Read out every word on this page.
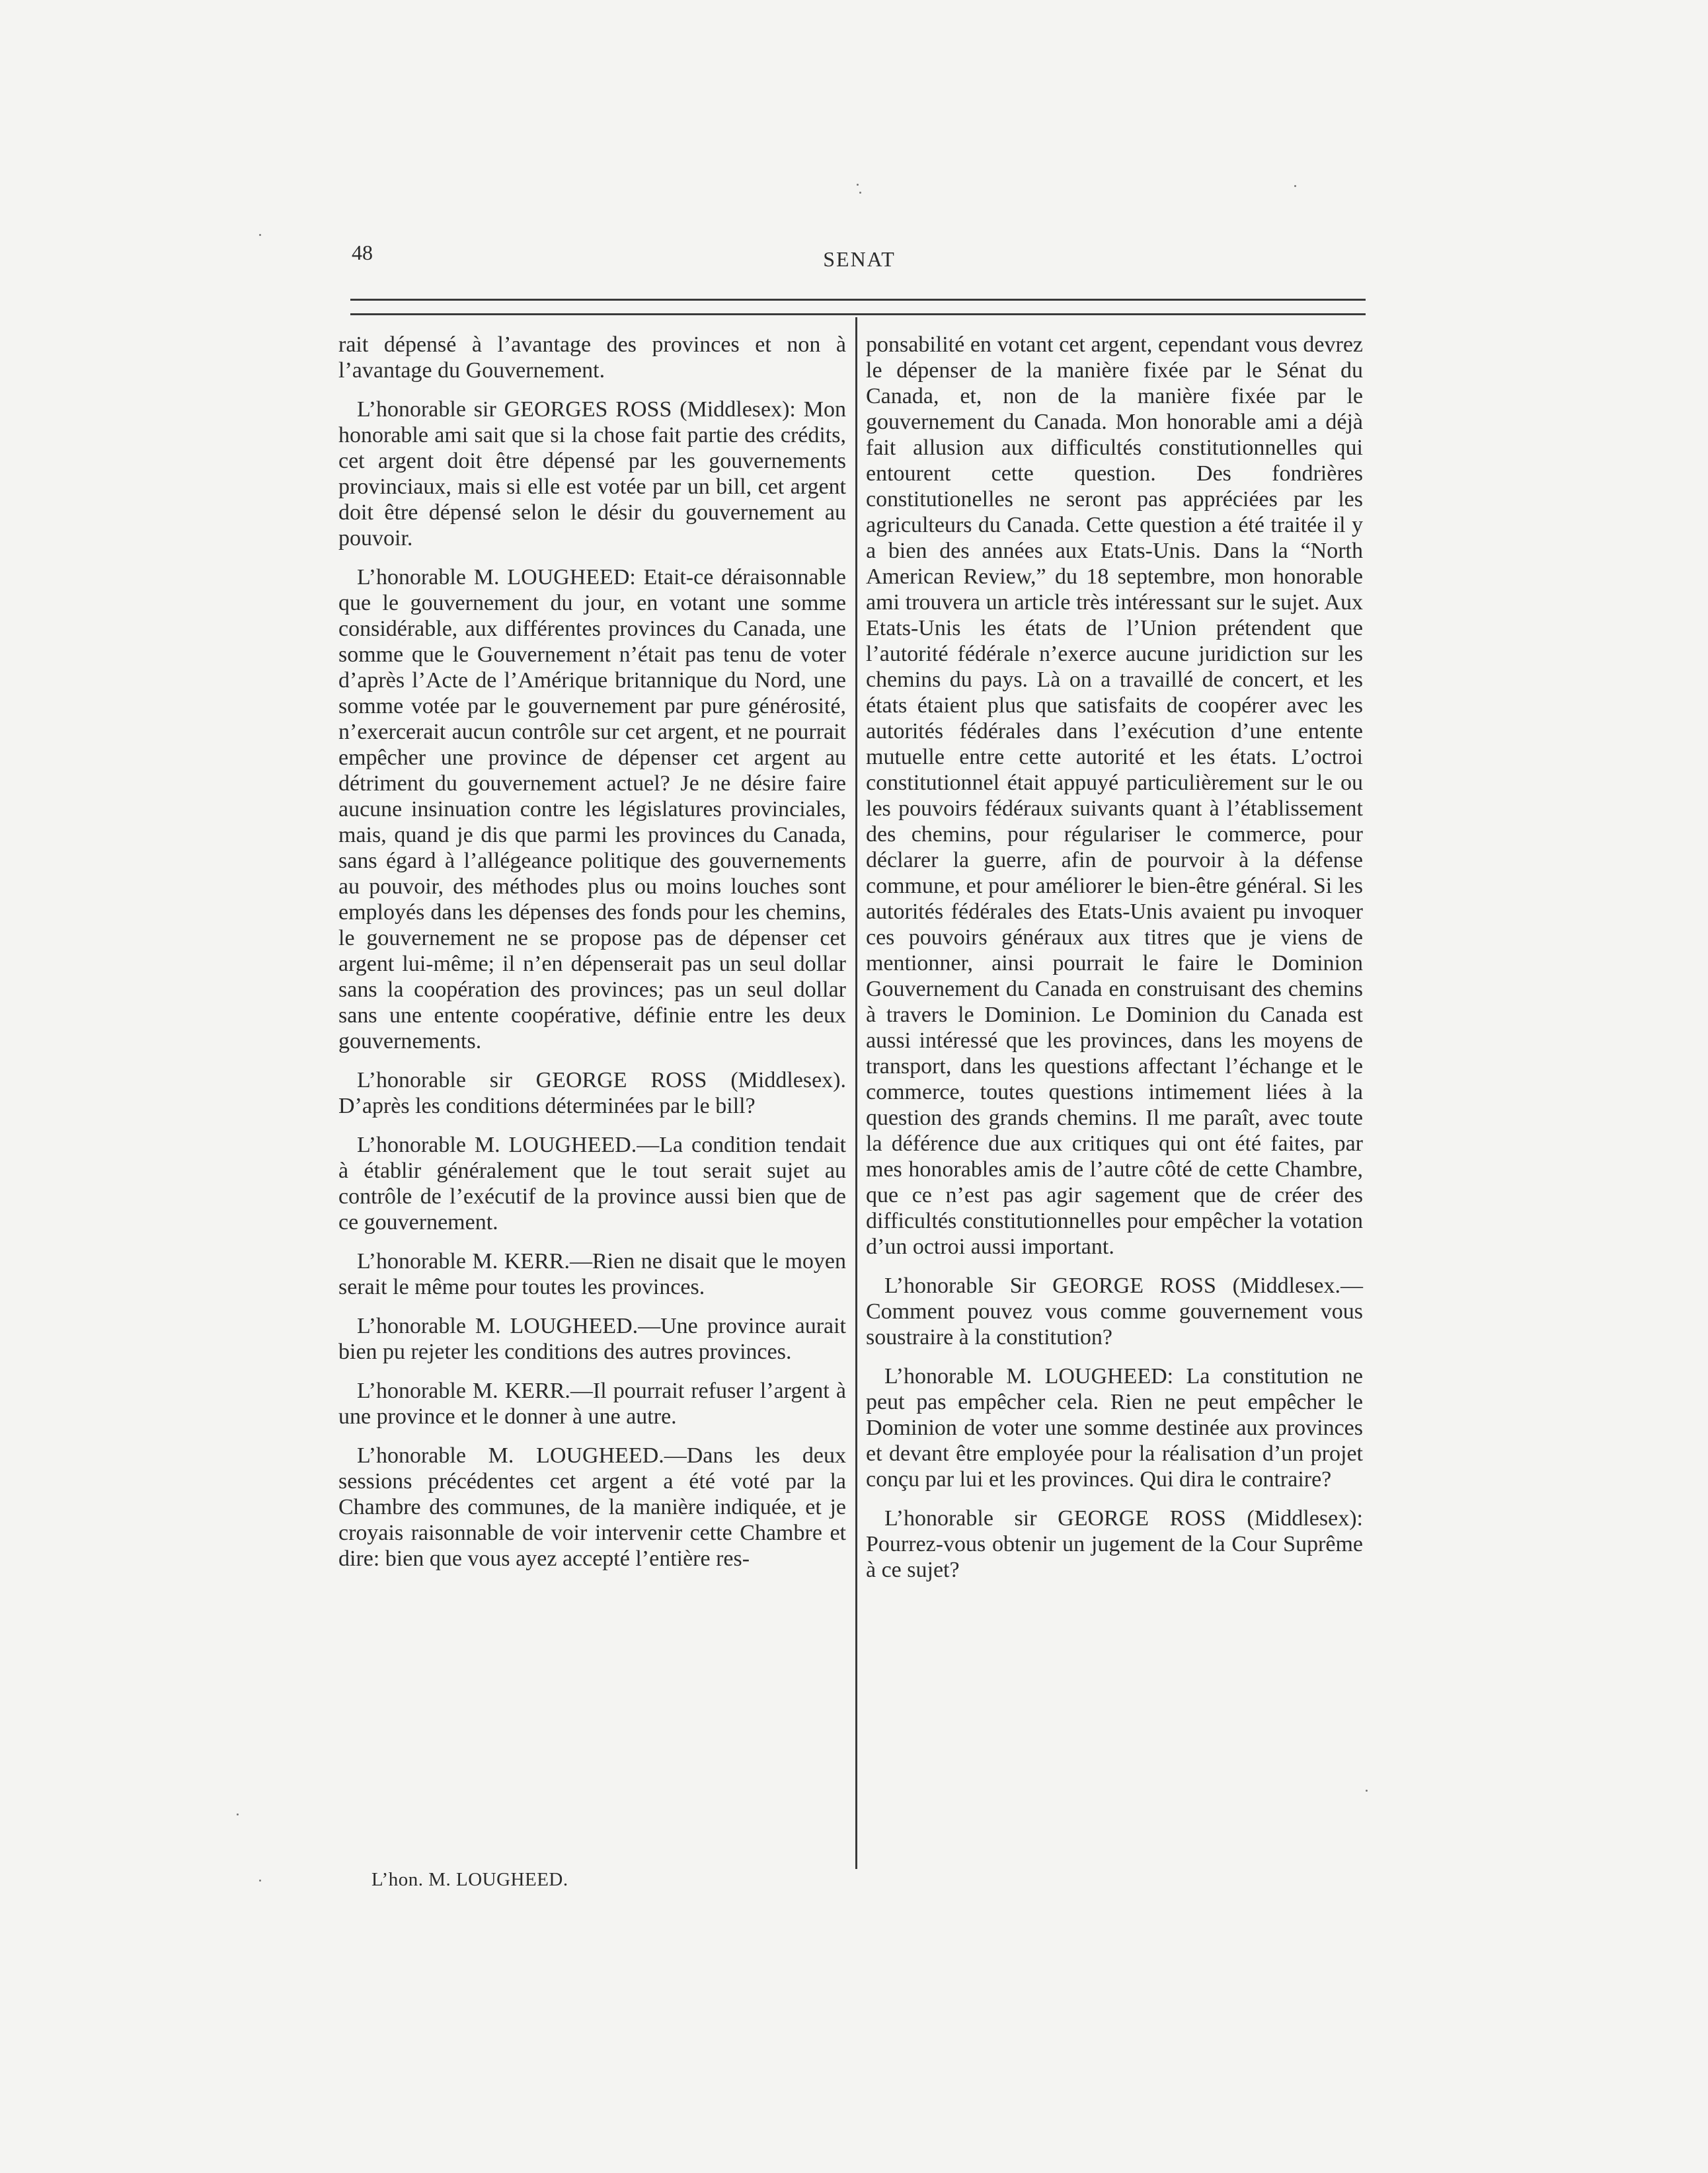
48	SENAT

rait dépensé à l’avantage des provinces et non à l’avantage du Gouvernement.

L’honorable sir GEORGES ROSS (Middlesex): Mon honorable ami sait que si la chose fait partie des crédits, cet argent doit être dépensé par les gouvernements provinciaux, mais si elle est votée par un bill, cet argent doit être dépensé selon le désir du gouvernement au pouvoir.

L’honorable M. LOUGHEED: Etait-ce déraisonnable que le gouvernement du jour, en votant une somme considérable, aux différentes provinces du Canada, une somme que le Gouvernement n’était pas tenu de voter d’après l’Acte de l’Amérique britannique du Nord, une somme votée par le gouvernement par pure générosité, n’exercerait aucun contrôle sur cet argent, et ne pourrait empêcher une province de dépenser cet argent au détriment du gouvernement actuel? Je ne désire faire aucune insinuation contre les législatures provinciales, mais, quand je dis que parmi les provinces du Canada, sans égard à l’allégeance politique des gouvernements au pouvoir, des méthodes plus ou moins louches sont employés dans les dépenses des fonds pour les chemins, le gouvernement ne se propose pas de dépenser cet argent lui-même; il n’en dépenserait pas un seul dollar sans la coopération des provinces; pas un seul dollar sans une entente coopérative, définie entre les deux gouvernements.

L’honorable sir GEORGE ROSS (Middlesex). D’après les conditions déterminées par le bill?

L’honorable M. LOUGHEED.—La condition tendait à établir généralement que le tout serait sujet au contrôle de l’exécutif de la province aussi bien que de ce gouvernement.

L’honorable M. KERR.—Rien ne disait que le moyen serait le même pour toutes les provinces.

L’honorable M. LOUGHEED.—Une province aurait bien pu rejeter les conditions des autres provinces.

L’honorable M. KERR.—Il pourrait refuser l’argent à une province et le donner à une autre.

L’honorable M. LOUGHEED.—Dans les deux sessions précédentes cet argent a été voté par la Chambre des communes, de la manière indiquée, et je croyais raisonnable de voir intervenir cette Chambre et dire: bien que vous ayez accepté l’entière res-

ponsabilité en votant cet argent, cependant vous devrez le dépenser de la manière fixée par le Sénat du Canada, et, non de la manière fixée par le gouvernement du Canada. Mon honorable ami a déjà fait allusion aux difficultés constitutionnelles qui entourent cette question. Des fondrières constitutionelles ne seront pas appréciées par les agriculteurs du Canada. Cette question a été traitée il y a bien des années aux Etats-Unis. Dans la “North American Review,” du 18 septembre, mon honorable ami trouvera un article très intéressant sur le sujet. Aux Etats-Unis les états de l’Union prétendent que l’autorité fédérale n’exerce aucune juridiction sur les chemins du pays. Là on a travaillé de concert, et les états étaient plus que satisfaits de coopérer avec les autorités fédérales dans l’exécution d’une entente mutuelle entre cette autorité et les états. L’octroi constitutionnel était appuyé particulièrement sur le ou les pouvoirs fédéraux suivants quant à l’établissement des chemins, pour régulariser le commerce, pour déclarer la guerre, afin de pourvoir à la défense commune, et pour améliorer le bien-être général. Si les autorités fédérales des Etats-Unis avaient pu invoquer ces pouvoirs généraux aux titres que je viens de mentionner, ainsi pourrait le faire le Dominion Gouvernement du Canada en construisant des chemins à travers le Dominion. Le Dominion du Canada est aussi intéressé que les provinces, dans les moyens de transport, dans les questions affectant l’échange et le commerce, toutes questions intimement liées à la question des grands chemins. Il me paraît, avec toute la déférence due aux critiques qui ont été faites, par mes honorables amis de l’autre côté de cette Chambre, que ce n’est pas agir sagement que de créer des difficultés constitutionnelles pour empêcher la votation d’un octroi aussi important.

L’honorable Sir GEORGE ROSS (Middlesex.—Comment pouvez vous comme gouvernement vous soustraire à la constitution?

L’honorable M. LOUGHEED: La constitution ne peut pas empêcher cela. Rien ne peut empêcher le Dominion de voter une somme destinée aux provinces et devant être employée pour la réalisation d’un projet conçu par lui et les provinces. Qui dira le contraire?

L’honorable sir GEORGE ROSS (Middlesex): Pourrez-vous obtenir un jugement de la Cour Suprême à ce sujet?

L’hon. M. LOUGHEED.
